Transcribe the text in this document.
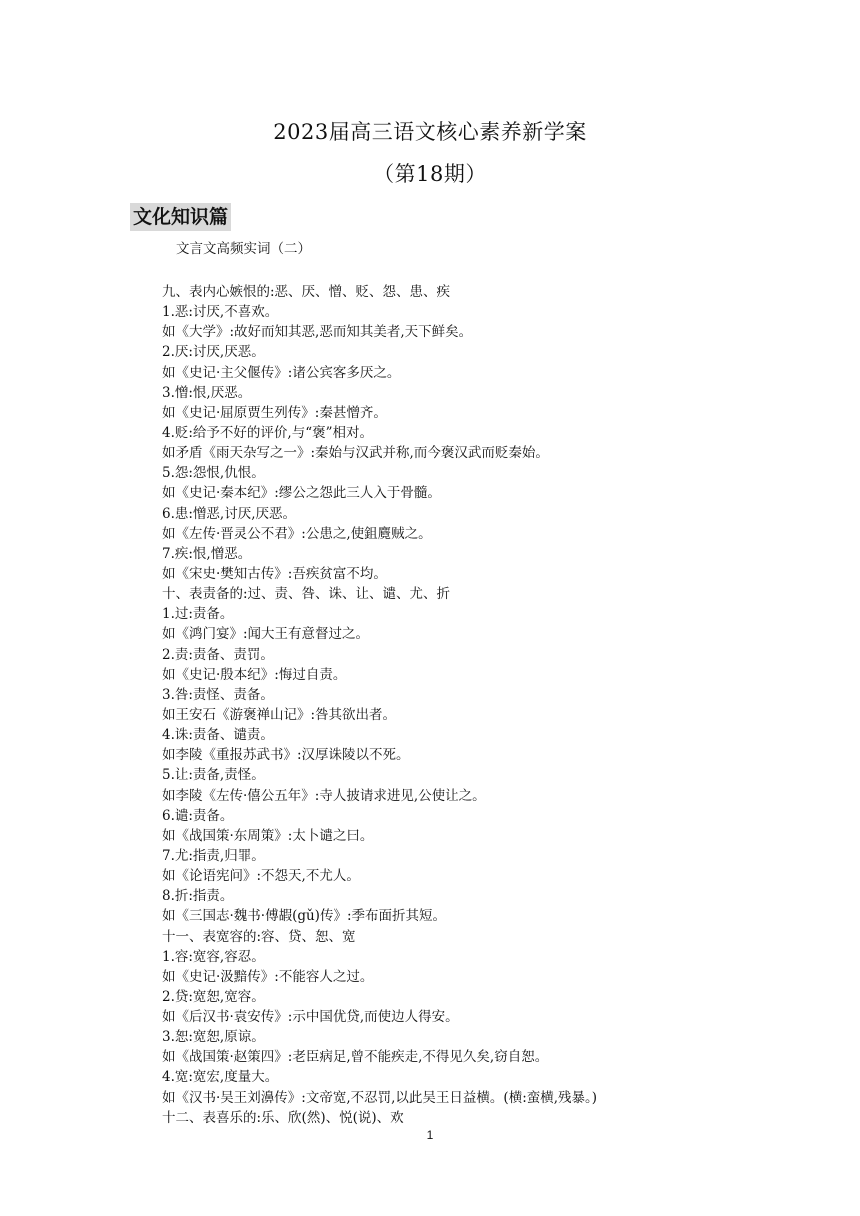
2023届高三语文核心素养新学案
（第18期）
文化知识篇
文言文高频实词（二）
九、表内心嫉恨的:恶、厌、憎、贬、怨、患、疾
1.恶:讨厌,不喜欢。
如《大学》:故好而知其恶,恶而知其美者,天下鲜矣。
2.厌:讨厌,厌恶。
如《史记·主父偃传》:诸公宾客多厌之。
3.憎:恨,厌恶。
如《史记·屈原贾生列传》:秦甚憎齐。
4.贬:给予不好的评价,与“褒”相对。
如矛盾《雨天杂写之一》:秦始与汉武并称,而今褒汉武而贬秦始。
5.怨:怨恨,仇恨。
如《史记·秦本纪》:缪公之怨此三人入于骨髓。
6.患:憎恶,讨厌,厌恶。
如《左传·晋灵公不君》:公患之,使鉏麑贼之。
7.疾:恨,憎恶。
如《宋史·樊知古传》:吾疾贫富不均。
十、表责备的:过、责、咎、诛、让、谴、尤、折
1.过:责备。
如《鸿门宴》:闻大王有意督过之。
2.责:责备、责罚。
如《史记·殷本纪》:悔过自责。
3.咎:责怪、责备。
如王安石《游褒禅山记》:咎其欲出者。
4.诛:责备、谴责。
如李陵《重报苏武书》:汉厚诛陵以不死。
5.让:责备,责怪。
如李陵《左传·僖公五年》:寺人披请求进见,公使让之。
6.谴:责备。
如《战国策·东周策》:太卜谴之曰。
7.尤:指责,归罪。
如《论语宪问》:不怨天,不尤人。
8.折:指责。
如《三国志·魏书·傅嘏(gǔ)传》:季布面折其短。
十一、表宽容的:容、贷、恕、宽
1.容:宽容,容忍。
如《史记·汲黯传》:不能容人之过。
2.贷:宽恕,宽容。
如《后汉书·袁安传》:示中国优贷,而使边人得安。
3.恕:宽恕,原谅。
如《战国策·赵策四》:老臣病足,曾不能疾走,不得见久矣,窃自恕。
4.宽:宽宏,度量大。
如《汉书·吴王刘濞传》:文帝宽,不忍罚,以此吴王日益横。(横:蛮横,残暴。)
十二、表喜乐的:乐、欣(然)、悦(说)、欢
1
